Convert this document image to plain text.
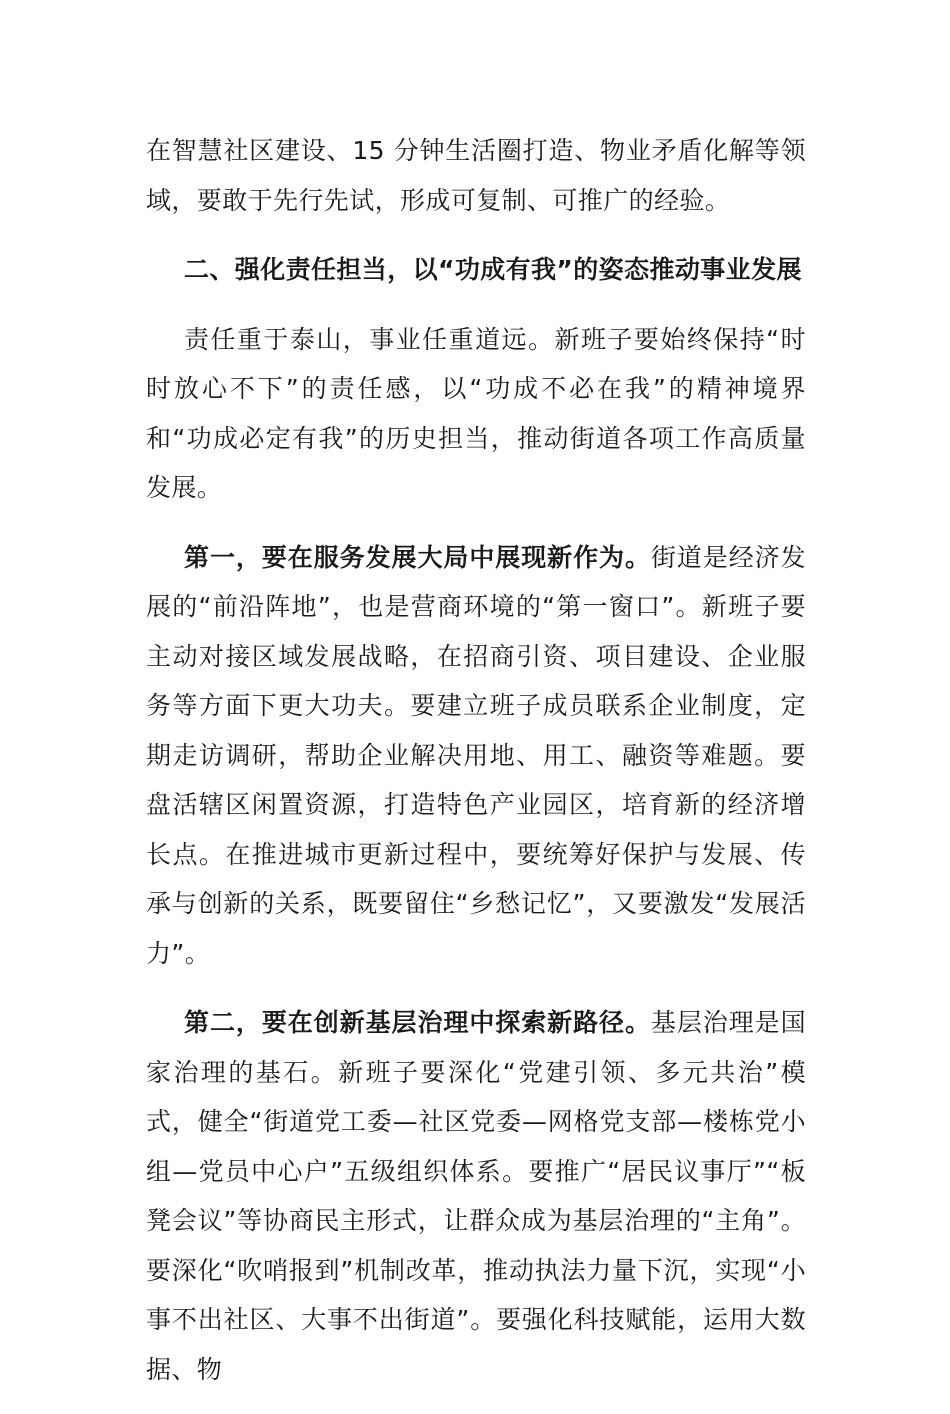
在智慧社区建设、15 分钟生活圈打造、物业矛盾化解等领域，要敢于先行先试，形成可复制、可推广的经验。

二、强化责任担当，以“功成有我”的姿态推动事业发展

责任重于泰山，事业任重道远。新班子要始终保持“时时放心不下”的责任感，以“功成不必在我”的精神境界和“功成必定有我”的历史担当，推动街道各项工作高质量发展。

第一，要在服务发展大局中展现新作为。街道是经济发展的“前沿阵地”，也是营商环境的“第一窗口”。新班子要主动对接区域发展战略，在招商引资、项目建设、企业服务等方面下更大功夫。要建立班子成员联系企业制度，定期走访调研，帮助企业解决用地、用工、融资等难题。要盘活辖区闲置资源，打造特色产业园区，培育新的经济增长点。在推进城市更新过程中，要统筹好保护与发展、传承与创新的关系，既要留住“乡愁记忆”，又要激发“发展活力”。

第二，要在创新基层治理中探索新路径。基层治理是国家治理的基石。新班子要深化“党建引领、多元共治”模式，健全“街道党工委—社区党委—网格党支部—楼栋党小组—党员中心户”五级组织体系。要推广“居民议事厅”“板凳会议”等协商民主形式，让群众成为基层治理的“主角”。要深化“吹哨报到”机制改革，推动执法力量下沉，实现“小事不出社区、大事不出街道”。要强化科技赋能，运用大数据、物
